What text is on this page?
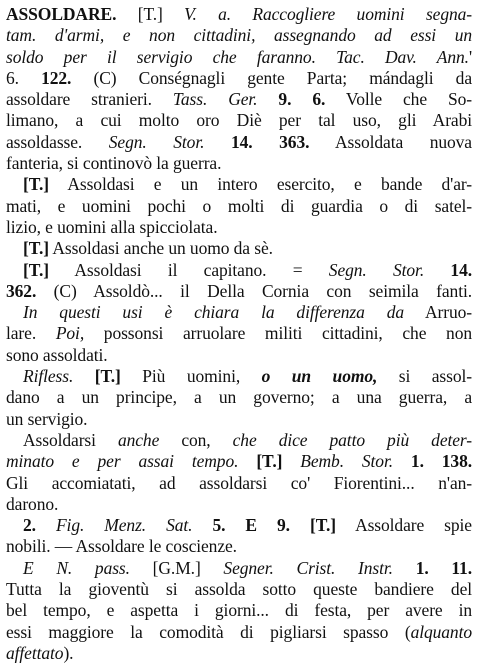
ASSOLDARE. [T.] V. a. Raccogliere uomini segna-
tam. d'armi, e non cittadini, assegnando ad essi un
soldo per il servigio che faranno. Tac. Dav. Ann.'
6. 122. (C) Conségnagli gente Parta; mándagli da
assoldare stranieri. Tass. Ger. 9. 6. Volle che So-
limano, a cui molto oro Diè per tal uso, gli Arabi
assoldasse. Segn. Stor. 14. 363. Assoldata nuova
fanteria, si continovò la guerra.
[T.] Assoldasi e un intero esercito, e bande d'ar-
mati, e uomini pochi o molti di guardia o di satel-
lizio, e uomini alla spicciolata.
[T.] Assoldasi anche un uomo da sè.
[T.] Assoldasi il capitano. = Segn. Stor. 14.
362. (C) Assoldò... il Della Cornia con seimila fanti.
In questi usi è chiara la differenza da Arruo-
lare. Poi, possonsi arruolare militi cittadini, che non
sono assoldati.
Rifless. [T.] Più uomini, o un uomo, si assol-
dano a un principe, a un governo; a una guerra, a
un servigio.
Assoldarsi anche con, che dice patto più deter-
minato e per assai tempo. [T.] Bemb. Stor. 1. 138.
Gli accomiatati, ad assoldarsi co' Fiorentini... n'an-
darono.
2. Fig. Menz. Sat. 5. E 9. [T.] Assoldare spie
nobili. — Assoldare le coscienze.
E N. pass. [G.M.] Segner. Crist. Instr. 1. 11.
Tutta la gioventù si assolda sotto queste bandiere del
bel tempo, e aspetta i giorni... di festa, per avere in
essi maggiore la comodità di pigliarsi spasso (alquanto
affettato).
